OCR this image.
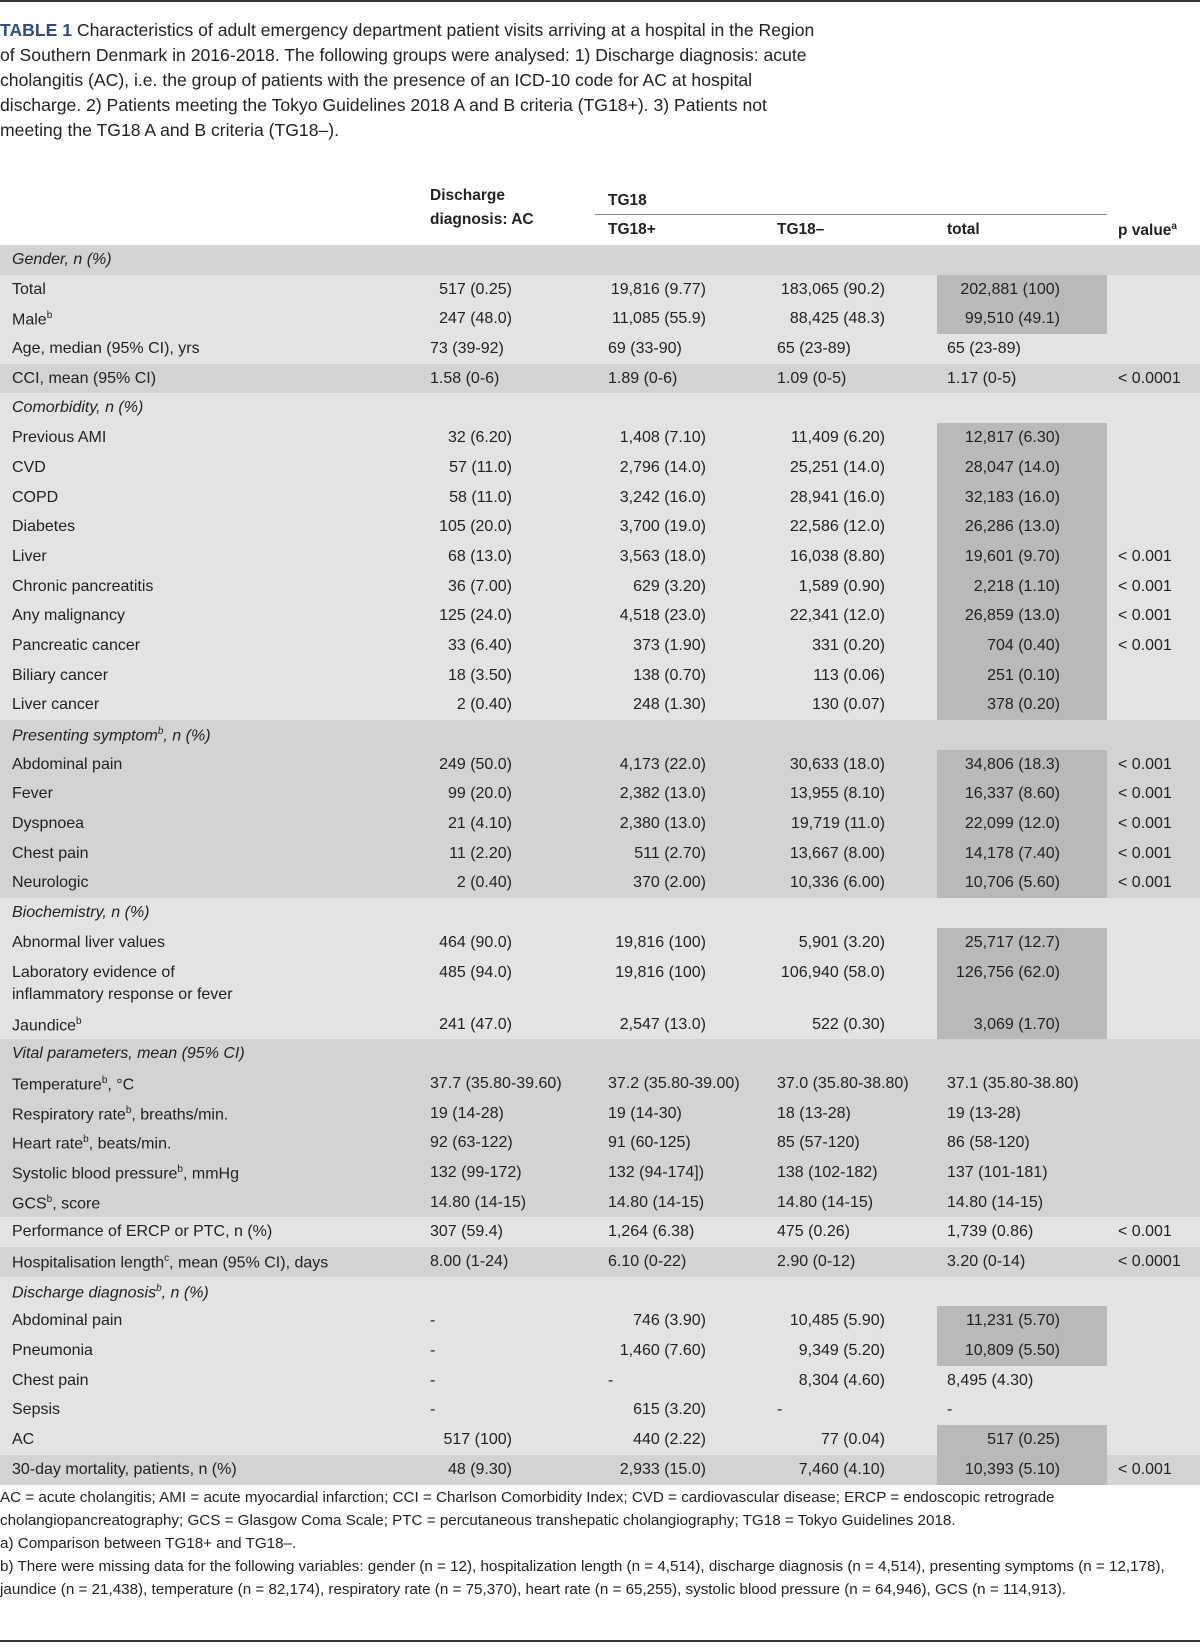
TABLE 1 Characteristics of adult emergency department patient visits arriving at a hospital in the Region of Southern Denmark in 2016-2018. The following groups were analysed: 1) Discharge diagnosis: acute cholangitis (AC), i.e. the group of patients with the presence of an ICD-10 code for AC at hospital discharge. 2) Patients meeting the Tokyo Guidelines 2018 A and B criteria (TG18+). 3) Patients not meeting the TG18 A and B criteria (TG18–).
Discharge
diagnosis: AC
TG18
TG18+	TG18–	total	p value$^a$
Gender, n (%)
Total	517 (0.25)	19,816 (9.77)	183,065 (90.2)	202,881 (100)
Male$^b$	247 (48.0)	11,085 (55.9)	88,425 (48.3)	99,510 (49.1)
Age, median (95% CI), yrs	73 (39-92)	69 (33-90)	65 (23-89)	65 (23-89)
CCI, mean (95% CI)	1.58 (0-6)	1.89 (0-6)	1.09 (0-5)	1.17 (0-5)	< 0.0001
Comorbidity, n (%)
Previous AMI	32 (6.20)	1,408 (7.10)	11,409 (6.20)	12,817 (6.30)
CVD	57 (11.0)	2,796 (14.0)	25,251 (14.0)	28,047 (14.0)
COPD	58 (11.0)	3,242 (16.0)	28,941 (16.0)	32,183 (16.0)
Diabetes	105 (20.0)	3,700 (19.0)	22,586 (12.0)	26,286 (13.0)
Liver	68 (13.0)	3,563 (18.0)	16,038 (8.80)	19,601 (9.70)	< 0.001
Chronic pancreatitis	36 (7.00)	629 (3.20)	1,589 (0.90)	2,218 (1.10)	< 0.001
Any malignancy	125 (24.0)	4,518 (23.0)	22,341 (12.0)	26,859 (13.0)	< 0.001
Pancreatic cancer	33 (6.40)	373 (1.90)	331 (0.20)	704 (0.40)	< 0.001
Biliary cancer	18 (3.50)	138 (0.70)	113 (0.06)	251 (0.10)
Liver cancer	2 (0.40)	248 (1.30)	130 (0.07)	378 (0.20)
Presenting symptom$^b$, n (%)
Abdominal pain	249 (50.0)	4,173 (22.0)	30,633 (18.0)	34,806 (18.3)	< 0.001
Fever	99 (20.0)	2,382 (13.0)	13,955 (8.10)	16,337 (8.60)	< 0.001
Dyspnoea	21 (4.10)	2,380 (13.0)	19,719 (11.0)	22,099 (12.0)	< 0.001
Chest pain	11 (2.20)	511 (2.70)	13,667 (8.00)	14,178 (7.40)	< 0.001
Neurologic	2 (0.40)	370 (2.00)	10,336 (6.00)	10,706 (5.60)	< 0.001
Biochemistry, n (%)
Abnormal liver values	464 (90.0)	19,816 (100)	5,901 (3.20)	25,717 (12.7)
Laboratory evidence of
inflammatory response or fever
485 (94.0)	19,816 (100)	106,940 (58.0)	126,756 (62.0)
Jaundice$^b$	241 (47.0)	2,547 (13.0)	522 (0.30)	3,069 (1.70)
Vital parameters, mean (95% CI)
Temperature$^b$, °C	37.7 (35.80-39.60)	37.2 (35.80-39.00) 37.0 (35.80-38.80) 37.1 (35.80-38.80)
Respiratory rate$^b$, breaths/min.	19 (14-28)	19 (14-30)	18 (13-28)	19 (13-28)
Heart rate$^b$, beats/min.	92 (63-122)	91 (60-125)	85 (57-120)	86 (58-120)
Systolic blood pressure$^b$, mmHg	132 (99-172)	132 (94-174])	138 (102-182)	137 (101-181)
GCS$^b$, score	14.80 (14-15)	14.80 (14-15)	14.80 (14-15)	14.80 (14-15)
Performance of ERCP or PTC, n (%)	307 (59.4)	1,264 (6.38)	475 (0.26)	1,739 (0.86)	< 0.001
Hospitalisation length$^c$, mean (95% CI), days	8.00 (1-24)	6.10 (0-22)	2.90 (0-12)	3.20 (0-14)	< 0.0001
Discharge diagnosis$^b$, n (%)
Abdominal pain	-	746 (3.90)	10,485 (5.90)	11,231 (5.70)
Pneumonia	-	1,460 (7.60)	9,349 (5.20)	10,809 (5.50)
Chest pain	-	-	8,304 (4.60)	8,495 (4.30)
Sepsis	-	615 (3.20)	-	-
AC	517 (100)	440 (2.22)	77 (0.04)	517 (0.25)
30-day mortality, patients, n (%)	48 (9.30)	2,933 (15.0)	7,460 (4.10)	10,393 (5.10)	< 0.001

AC = acute cholangitis; AMI = acute myocardial infarction; CCI = Charlson Comorbidity Index; CVD = cardiovascular disease; ERCP = endoscopic retrograde cholangiopancreatography; GCS = Glasgow Coma Scale; PTC = percutaneous transhepatic cholangiography; TG18 = Tokyo Guidelines 2018.

a) Comparison between TG18+ and TG18–.

b) There were missing data for the following variables: gender (n = 12), hospitalization length (n = 4,514), discharge diagnosis (n = 4,514), presenting symptoms (n = 12,178), jaundice (n = 21,438), temperature (n = 82,174), respiratory rate (n = 75,370), heart rate (n = 65,255), systolic blood pressure (n = 64,946), GCS (n = 114,913).
